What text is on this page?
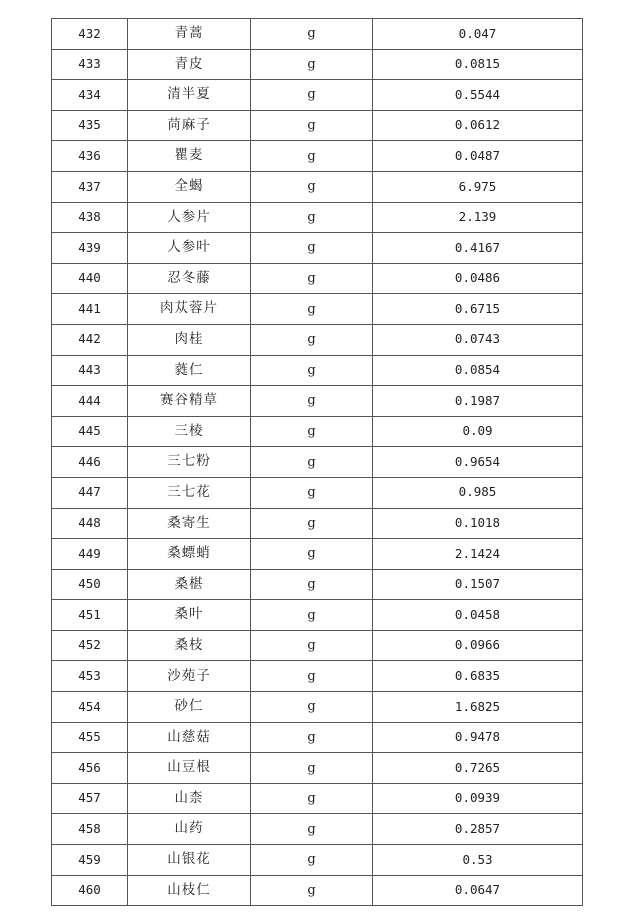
432	青蒿	g	0.047
433	青皮	g	0.0815
434	清半夏	g	0.5544
435	苘麻子	g	0.0612
436	瞿麦	g	0.0487
437	全蝎	g	6.975
438	人参片	g	2.139
439	人参叶	g	0.4167
440	忍冬藤	g	0.0486
441	肉苁蓉片	g	0.6715
442	肉桂	g	0.0743
443	蕤仁	g	0.0854
444	赛谷精草	g	0.1987
445	三棱	g	0.09
446	三七粉	g	0.9654
447	三七花	g	0.985
448	桑寄生	g	0.1018
449	桑螵蛸	g	2.1424
450	桑椹	g	0.1507
451	桑叶	g	0.0458
452	桑枝	g	0.0966
453	沙苑子	g	0.6835
454	砂仁	g	1.6825
455	山慈菇	g	0.9478
456	山豆根	g	0.7265
457	山柰	g	0.0939
458	山药	g	0.2857
459	山银花	g	0.53
460	山枝仁	g	0.0647
